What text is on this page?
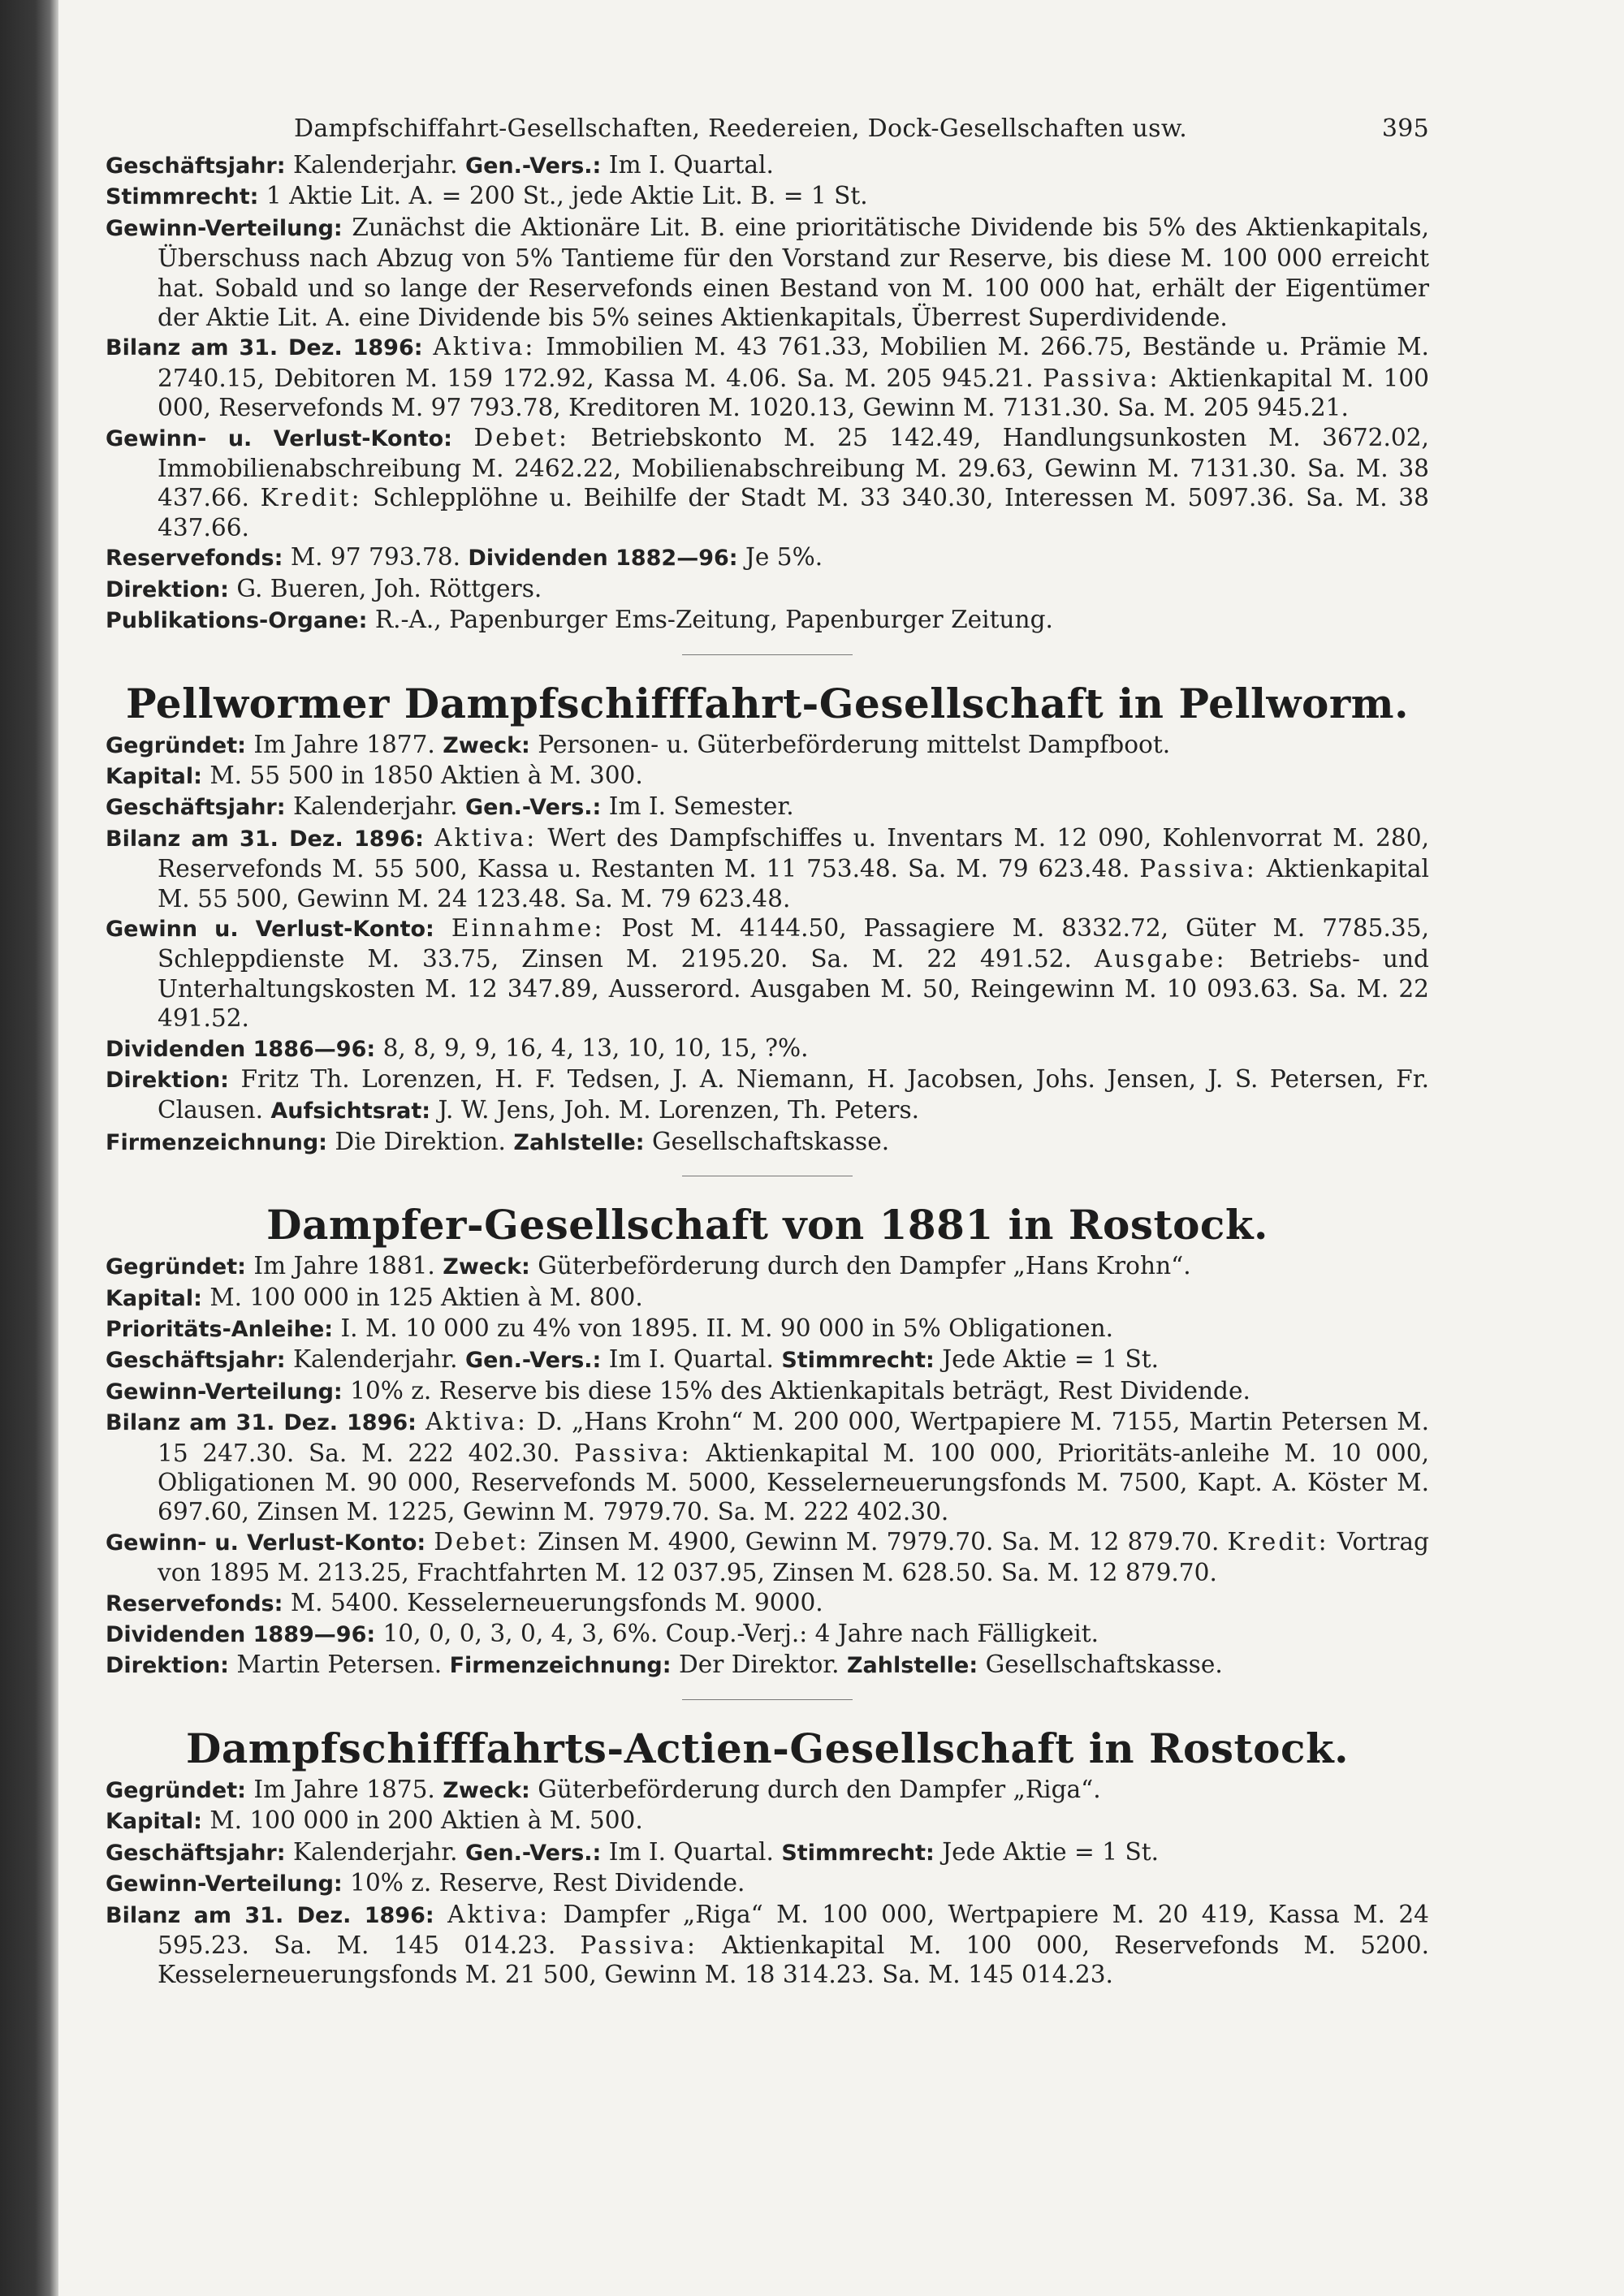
Dampfschiffahrt-Gesellschaften, Reedereien, Dock-Gesellschaften usw.	395

Geschäftsjahr: Kalenderjahr. Gen.-Vers.: Im I. Quartal.

Stimmrecht: 1 Aktie Lit. A. = 200 St., jede Aktie Lit. B. = 1 St.

Gewinn-Verteilung: Zunächst die Aktionäre Lit. B. eine prioritätische Dividende bis 5% des Aktienkapitals, Überschuss nach Abzug von 5% Tantieme für den Vorstand zur Reserve, bis diese M. 100 000 erreicht hat. Sobald und so lange der Reservefonds einen Bestand von M. 100 000 hat, erhält der Eigentümer der Aktie Lit. A. eine Dividende bis 5% seines Aktienkapitals, Überrest Superdividende.

Bilanz am 31. Dez. 1896: Aktiva: Immobilien M. 43 761.33, Mobilien M. 266.75, Bestände u. Prämie M. 2740.15, Debitoren M. 159 172.92, Kassa M. 4.06. Sa. M. 205 945.21. Passiva: Aktienkapital M. 100 000, Reservefonds M. 97 793.78, Kreditoren M. 1020.13, Gewinn M. 7131.30. Sa. M. 205 945.21.

Gewinn- u. Verlust-Konto: Debet: Betriebskonto M. 25 142.49, Handlungsunkosten M. 3672.02, Immobilienabschreibung M. 2462.22, Mobilienabschreibung M. 29.63, Gewinn M. 7131.30. Sa. M. 38 437.66. Kredit: Schlepplöhne u. Beihilfe der Stadt M. 33 340.30, Interessen M. 5097.36. Sa. M. 38 437.66.

Reservefonds: M. 97 793.78. Dividenden 1882—96: Je 5%.

Direktion: G. Bueren, Joh. Röttgers.

Publikations-Organe: R.-A., Papenburger Ems-Zeitung, Papenburger Zeitung.

Pellwormer Dampfschifffahrt-Gesellschaft in Pellworm.

Gegründet: Im Jahre 1877. Zweck: Personen- u. Güterbeförderung mittelst Dampfboot.

Kapital: M. 55 500 in 1850 Aktien à M. 300.

Geschäftsjahr: Kalenderjahr. Gen.-Vers.: Im I. Semester.

Bilanz am 31. Dez. 1896: Aktiva: Wert des Dampfschiffes u. Inventars M. 12 090, Kohlenvorrat M. 280, Reservefonds M. 55 500, Kassa u. Restanten M. 11 753.48. Sa. M. 79 623.48. Passiva: Aktienkapital M. 55 500, Gewinn M. 24 123.48. Sa. M. 79 623.48.

Gewinn u. Verlust-Konto: Einnahme: Post M. 4144.50, Passagiere M. 8332.72, Güter M. 7785.35, Schleppdienste M. 33.75, Zinsen M. 2195.20. Sa. M. 22 491.52. Ausgabe: Betriebs- und Unterhaltungskosten M. 12 347.89, Ausserord. Ausgaben M. 50, Reingewinn M. 10 093.63. Sa. M. 22 491.52.

Dividenden 1886—96: 8, 8, 9, 9, 16, 4, 13, 10, 10, 15, ?%.

Direktion: Fritz Th. Lorenzen, H. F. Tedsen, J. A. Niemann, H. Jacobsen, Johs. Jensen, J. S. Petersen, Fr. Clausen. Aufsichtsrat: J. W. Jens, Joh. M. Lorenzen, Th. Peters.

Firmenzeichnung: Die Direktion. Zahlstelle: Gesellschaftskasse.

Dampfer-Gesellschaft von 1881 in Rostock.

Gegründet: Im Jahre 1881. Zweck: Güterbeförderung durch den Dampfer „Hans Krohn“.

Kapital: M. 100 000 in 125 Aktien à M. 800.

Prioritäts-Anleihe: I. M. 10 000 zu 4% von 1895. II. M. 90 000 in 5% Obligationen.

Geschäftsjahr: Kalenderjahr. Gen.-Vers.: Im I. Quartal. Stimmrecht: Jede Aktie = 1 St.

Gewinn-Verteilung: 10% z. Reserve bis diese 15% des Aktienkapitals beträgt, Rest Dividende.

Bilanz am 31. Dez. 1896: Aktiva: D. „Hans Krohn“ M. 200 000, Wertpapiere M. 7155, Martin Petersen M. 15 247.30. Sa. M. 222 402.30. Passiva: Aktienkapital M. 100 000, Prioritäts-anleihe M. 10 000, Obligationen M. 90 000, Reservefonds M. 5000, Kesselerneuerungsfonds M. 7500, Kapt. A. Köster M. 697.60, Zinsen M. 1225, Gewinn M. 7979.70. Sa. M. 222 402.30.

Gewinn- u. Verlust-Konto: Debet: Zinsen M. 4900, Gewinn M. 7979.70. Sa. M. 12 879.70. Kredit: Vortrag von 1895 M. 213.25, Frachtfahrten M. 12 037.95, Zinsen M. 628.50. Sa. M. 12 879.70.

Reservefonds: M. 5400. Kesselerneuerungsfonds M. 9000.

Dividenden 1889—96: 10, 0, 0, 3, 0, 4, 3, 6%. Coup.-Verj.: 4 Jahre nach Fälligkeit.

Direktion: Martin Petersen. Firmenzeichnung: Der Direktor. Zahlstelle: Gesellschaftskasse.

Dampfschifffahrts-Actien-Gesellschaft in Rostock.

Gegründet: Im Jahre 1875. Zweck: Güterbeförderung durch den Dampfer „Riga“.

Kapital: M. 100 000 in 200 Aktien à M. 500.

Geschäftsjahr: Kalenderjahr. Gen.-Vers.: Im I. Quartal. Stimmrecht: Jede Aktie = 1 St.

Gewinn-Verteilung: 10% z. Reserve, Rest Dividende.

Bilanz am 31. Dez. 1896: Aktiva: Dampfer „Riga“ M. 100 000, Wertpapiere M. 20 419, Kassa M. 24 595.23. Sa. M. 145 014.23. Passiva: Aktienkapital M. 100 000, Reservefonds M. 5200. Kesselerneuerungsfonds M. 21 500, Gewinn M. 18 314.23. Sa. M. 145 014.23.
